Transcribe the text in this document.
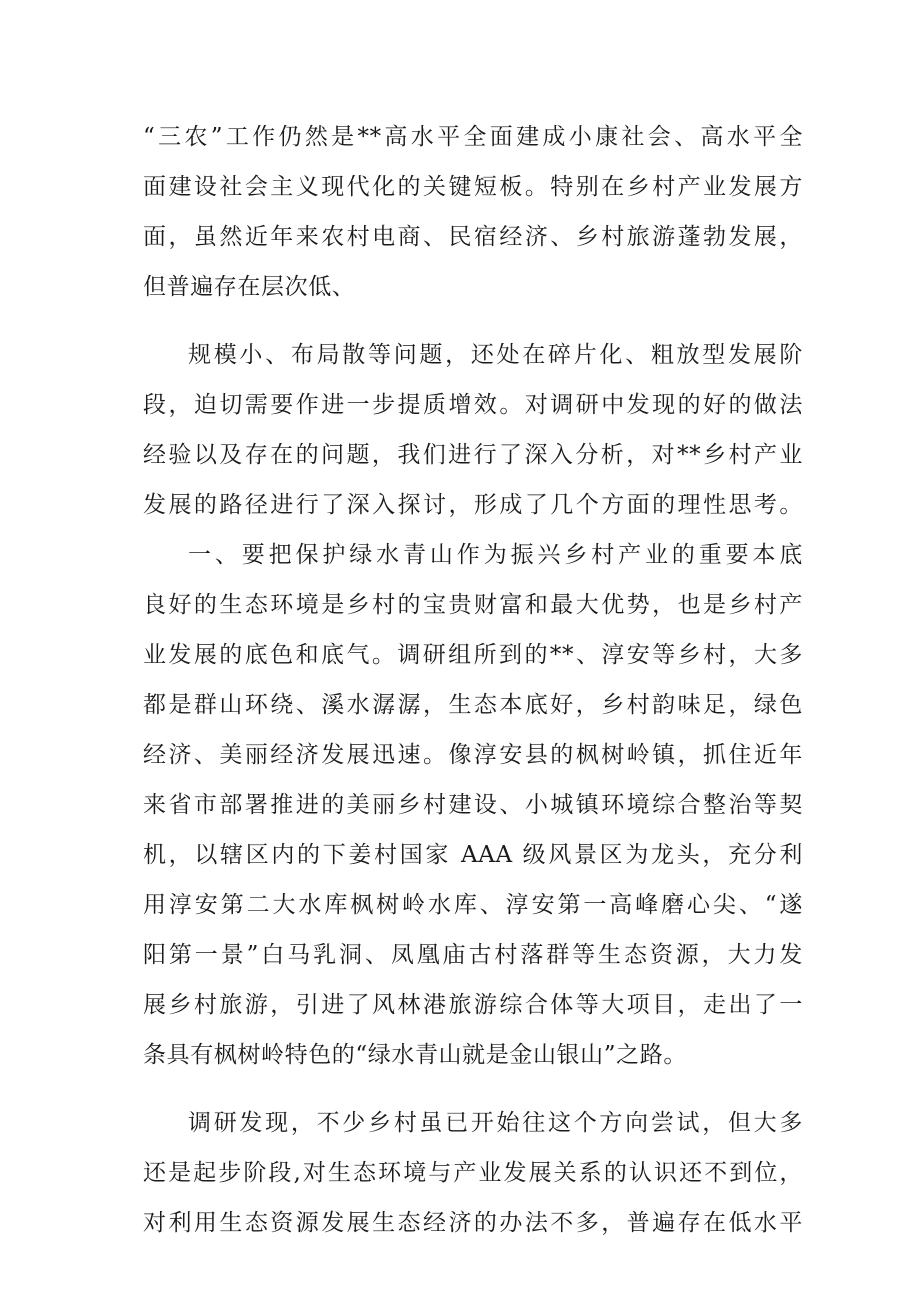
“三农”工作仍然是**高水平全面建成小康社会、高水平全
面建设社会主义现代化的关键短板。特别在乡村产业发展方
面，虽然近年来农村电商、民宿经济、乡村旅游蓬勃发展，
但普遍存在层次低、
规模小、布局散等问题，还处在碎片化、粗放型发展阶
段，迫切需要作进一步提质增效。对调研中发现的好的做法
经验以及存在的问题，我们进行了深入分析，对**乡村产业
发展的路径进行了深入探讨，形成了几个方面的理性思考。
一、要把保护绿水青山作为振兴乡村产业的重要本底
良好的生态环境是乡村的宝贵财富和最大优势，也是乡村产
业发展的底色和底气。调研组所到的**、淳安等乡村，大多
都是群山环绕、溪水潺潺，生态本底好，乡村韵味足，绿色
经济、美丽经济发展迅速。像淳安县的枫树岭镇，抓住近年
来省市部署推进的美丽乡村建设、小城镇环境综合整治等契
机，以辖区内的下姜村国家 AAA 级风景区为龙头，充分利
用淳安第二大水库枫树岭水库、淳安第一高峰磨心尖、“遂
阳第一景”白马乳洞、凤凰庙古村落群等生态资源，大力发
展乡村旅游，引进了风林港旅游综合体等大项目，走出了一
条具有枫树岭特色的“绿水青山就是金山银山”之路。
调研发现，不少乡村虽已开始往这个方向尝试，但大多
还是起步阶段,对生态环境与产业发展关系的认识还不到位，
对利用生态资源发展生态经济的办法不多，普遍存在低水平
